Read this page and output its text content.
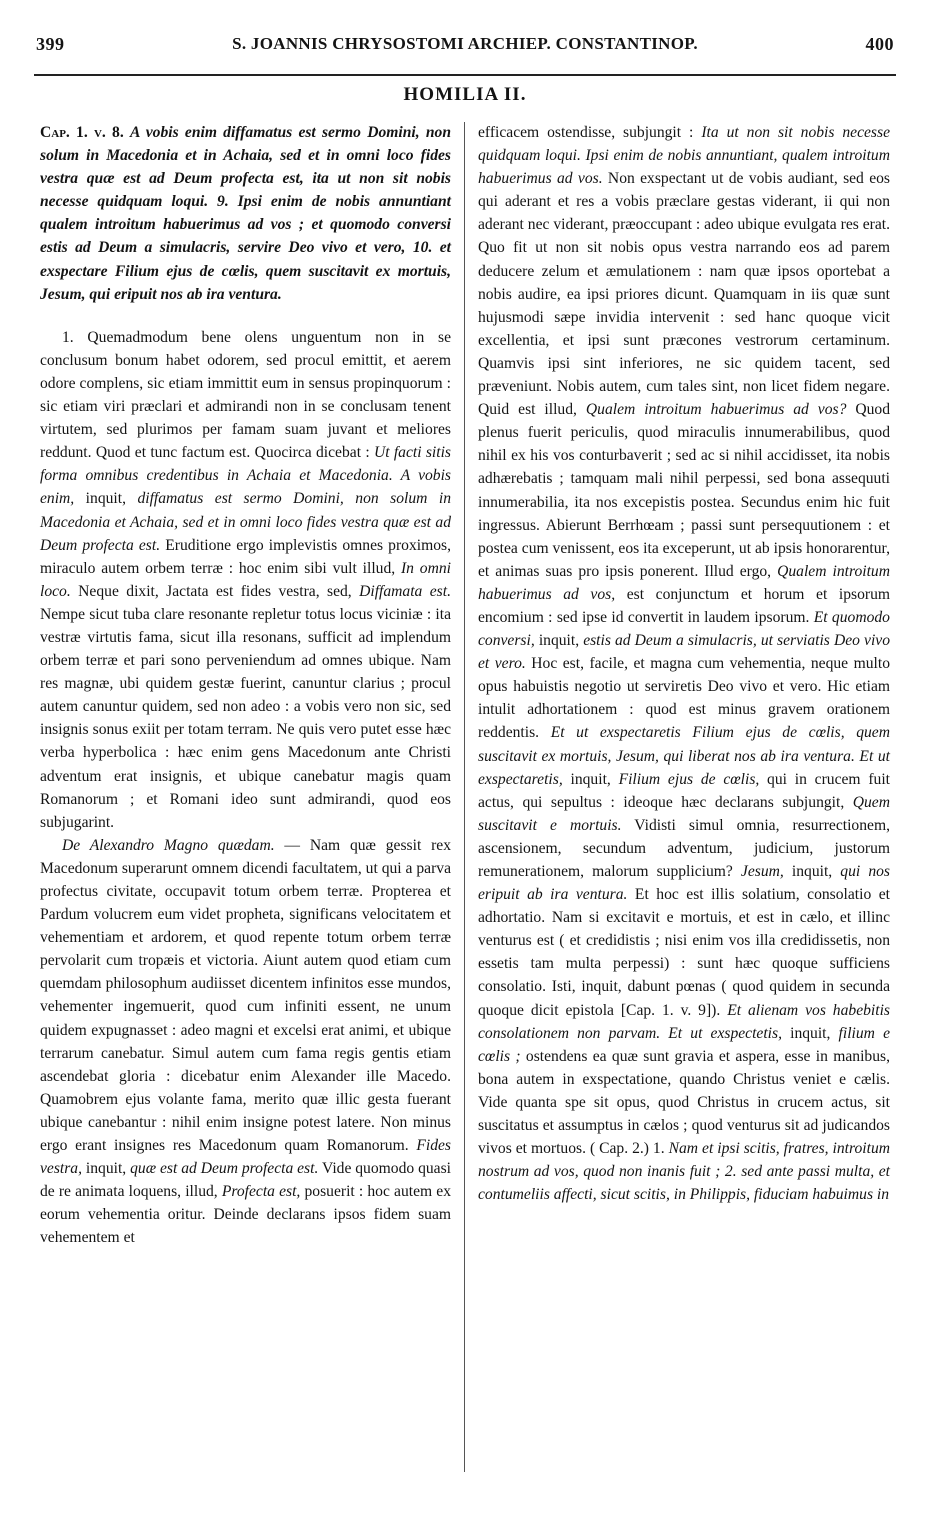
399	S. JOANNIS CHRYSOSTOMI ARCHIEP. CONSTANTINOP.	400
HOMILIA II.

Cap. 1. v. 8. A vobis enim diffamatus est sermo Domini, non solum in Macedonia et in Achaia, sed et in omni loco fides vestra quæ est ad Deum profecta est, ita ut non sit nobis necesse quidquam loqui. 9. Ipsi enim de nobis annuntiant qualem introitum habuerimus ad vos ; et quomodo conversi estis ad Deum a simulacris, servire Deo vivo et vero, 10. et exspectare Filium ejus de cœlis, quem suscitavit ex mortuis, Jesum, qui eripuit nos ab ira ventura.

1. Quemadmodum bene olens unguentum non in se conclusum bonum habet odorem, sed procul emittit, et aerem odore complens, sic etiam immittit eum in sensus propinquorum : sic etiam viri præclari et admirandi non in se conclusam tenent virtutem, sed plurimos per famam suam juvant et meliores reddunt. Quod et tunc factum est. Quocirca dicebat : Ut facti sitis forma omnibus credentibus in Achaia et Macedonia. A vobis enim, inquit, diffamatus est sermo Domini, non solum in Macedonia et Achaia, sed et in omni loco fides vestra quæ est ad Deum profecta est. Eruditione ergo implevistis omnes proximos, miraculo autem orbem terræ : hoc enim sibi vult illud, In omni loco. Neque dixit, Jactata est fides vestra, sed, Diffamata est. Nempe sicut tuba clare resonante repletur totus locus viciniæ : ita vestræ virtutis fama, sicut illa resonans, sufficit ad implendum orbem terræ et pari sono perveniendum ad omnes ubique. Nam res magnæ, ubi quidem gestæ fuerint, canuntur clarius ; procul autem canuntur quidem, sed non adeo : a vobis vero non sic, sed insignis sonus exiit per totam terram. Ne quis vero putet esse hæc verba hyperbolica : hæc enim gens Macedonum ante Christi adventum erat insignis, et ubique canebatur magis quam Romanorum ; et Romani ideo sunt admirandi, quod eos subjugarint.

De Alexandro Magno quædam. — Nam quæ gessit rex Macedonum superarunt omnem dicendi facultatem, ut qui a parva profectus civitate, occupavit totum orbem terræ. Propterea et Pardum volucrem eum videt propheta, significans velocitatem et vehementiam et ardorem, et quod repente totum orbem terræ pervolarit cum tropæis et victoria. Aiunt autem quod etiam cum quemdam philosophum audiisset dicentem infinitos esse mundos, vehementer ingemuerit, quod cum infiniti essent, ne unum quidem expugnasset : adeo magni et excelsi erat animi, et ubique terrarum canebatur. Simul autem cum fama regis gentis etiam ascendebat gloria : dicebatur enim Alexander ille Macedo. Quamobrem ejus volante fama, merito quæ illic gesta fuerant ubique canebantur : nihil enim insigne potest latere. Non minus ergo erant insignes res Macedonum quam Romanorum. Fides vestra, inquit, quæ est ad Deum profecta est. Vide quomodo quasi de re animata loquens, illud, Profecta est, posuerit : hoc autem ex eorum vehementia oritur. Deinde declarans ipsos fidem suam vehementem et

efficacem ostendisse, subjungit : Ita ut non sit nobis necesse quidquam loqui. Ipsi enim de nobis annuntiant, qualem introitum habuerimus ad vos. Non exspectant ut de vobis audiant, sed eos qui aderant et res a vobis præclare gestas viderant, ii qui non aderant nec viderant, præoccupant : adeo ubique evulgata res erat. Quo fit ut non sit nobis opus vestra narrando eos ad parem deducere zelum et æmulationem : nam quæ ipsos oportebat a nobis audire, ea ipsi priores dicunt. Quamquam in iis quæ sunt hujusmodi sæpe invidia intervenit : sed hanc quoque vicit excellentia, et ipsi sunt præcones vestrorum certaminum. Quamvis ipsi sint inferiores, ne sic quidem tacent, sed præveniunt. Nobis autem, cum tales sint, non licet fidem negare. Quid est illud, Qualem introitum habuerimus ad vos? Quod plenus fuerit periculis, quod miraculis innumerabilibus, quod nihil ex his vos conturbaverit ; sed ac si nihil accidisset, ita nobis adhærebatis ; tamquam mali nihil perpessi, sed bona assequuti innumerabilia, ita nos excepistis postea. Secundus enim hic fuit ingressus. Abierunt Berrhœam ; passi sunt persequutionem : et postea cum venissent, eos ita exceperunt, ut ab ipsis honorarentur, et animas suas pro ipsis ponerent. Illud ergo, Qualem introitum habuerimus ad vos, est conjunctum et horum et ipsorum encomium : sed ipse id convertit in laudem ipsorum. Et quomodo conversi, inquit, estis ad Deum a simulacris, ut serviatis Deo vivo et vero. Hoc est, facile, et magna cum vehementia, neque multo opus habuistis negotio ut serviretis Deo vivo et vero. Hic etiam intulit adhortationem : quod est minus gravem orationem reddentis. Et ut exspectaretis Filium ejus de cœlis, quem suscitavit ex mortuis, Jesum, qui liberat nos ab ira ventura. Et ut exspectaretis, inquit, Filium ejus de cœlis, qui in crucem fuit actus, qui sepultus : ideoque hæc declarans subjungit, Quem suscitavit e mortuis. Vidisti simul omnia, resurrectionem, ascensionem, secundum adventum, judicium, justorum remunerationem, malorum supplicium? Jesum, inquit, qui nos eripuit ab ira ventura. Et hoc est illis solatium, consolatio et adhortatio. Nam si excitavit e mortuis, et est in cælo, et illinc venturus est ( et credidistis ; nisi enim vos illa credidissetis, non essetis tam multa perpessi) : sunt hæc quoque sufficiens consolatio. Isti, inquit, dabunt pœnas ( quod quidem in secunda quoque dicit epistola [Cap. 1. v. 9]). Et alienam vos habebitis consolationem non parvam. Et ut exspectetis, inquit, filium e cœlis ; ostendens ea quæ sunt gravia et aspera, esse in manibus, bona autem in exspectatione, quando Christus veniet e cælis. Vide quanta spe sit opus, quod Christus in crucem actus, sit suscitatus et assumptus in cælos ; quod venturus sit ad judicandos vivos et mortuos. ( Cap. 2.) 1. Nam et ipsi scitis, fratres, introitum nostrum ad vos, quod non inanis fuit ; 2. sed ante passi multa, et contumeliis affecti, sicut scitis, in Philippis, fiduciam habuimus in
